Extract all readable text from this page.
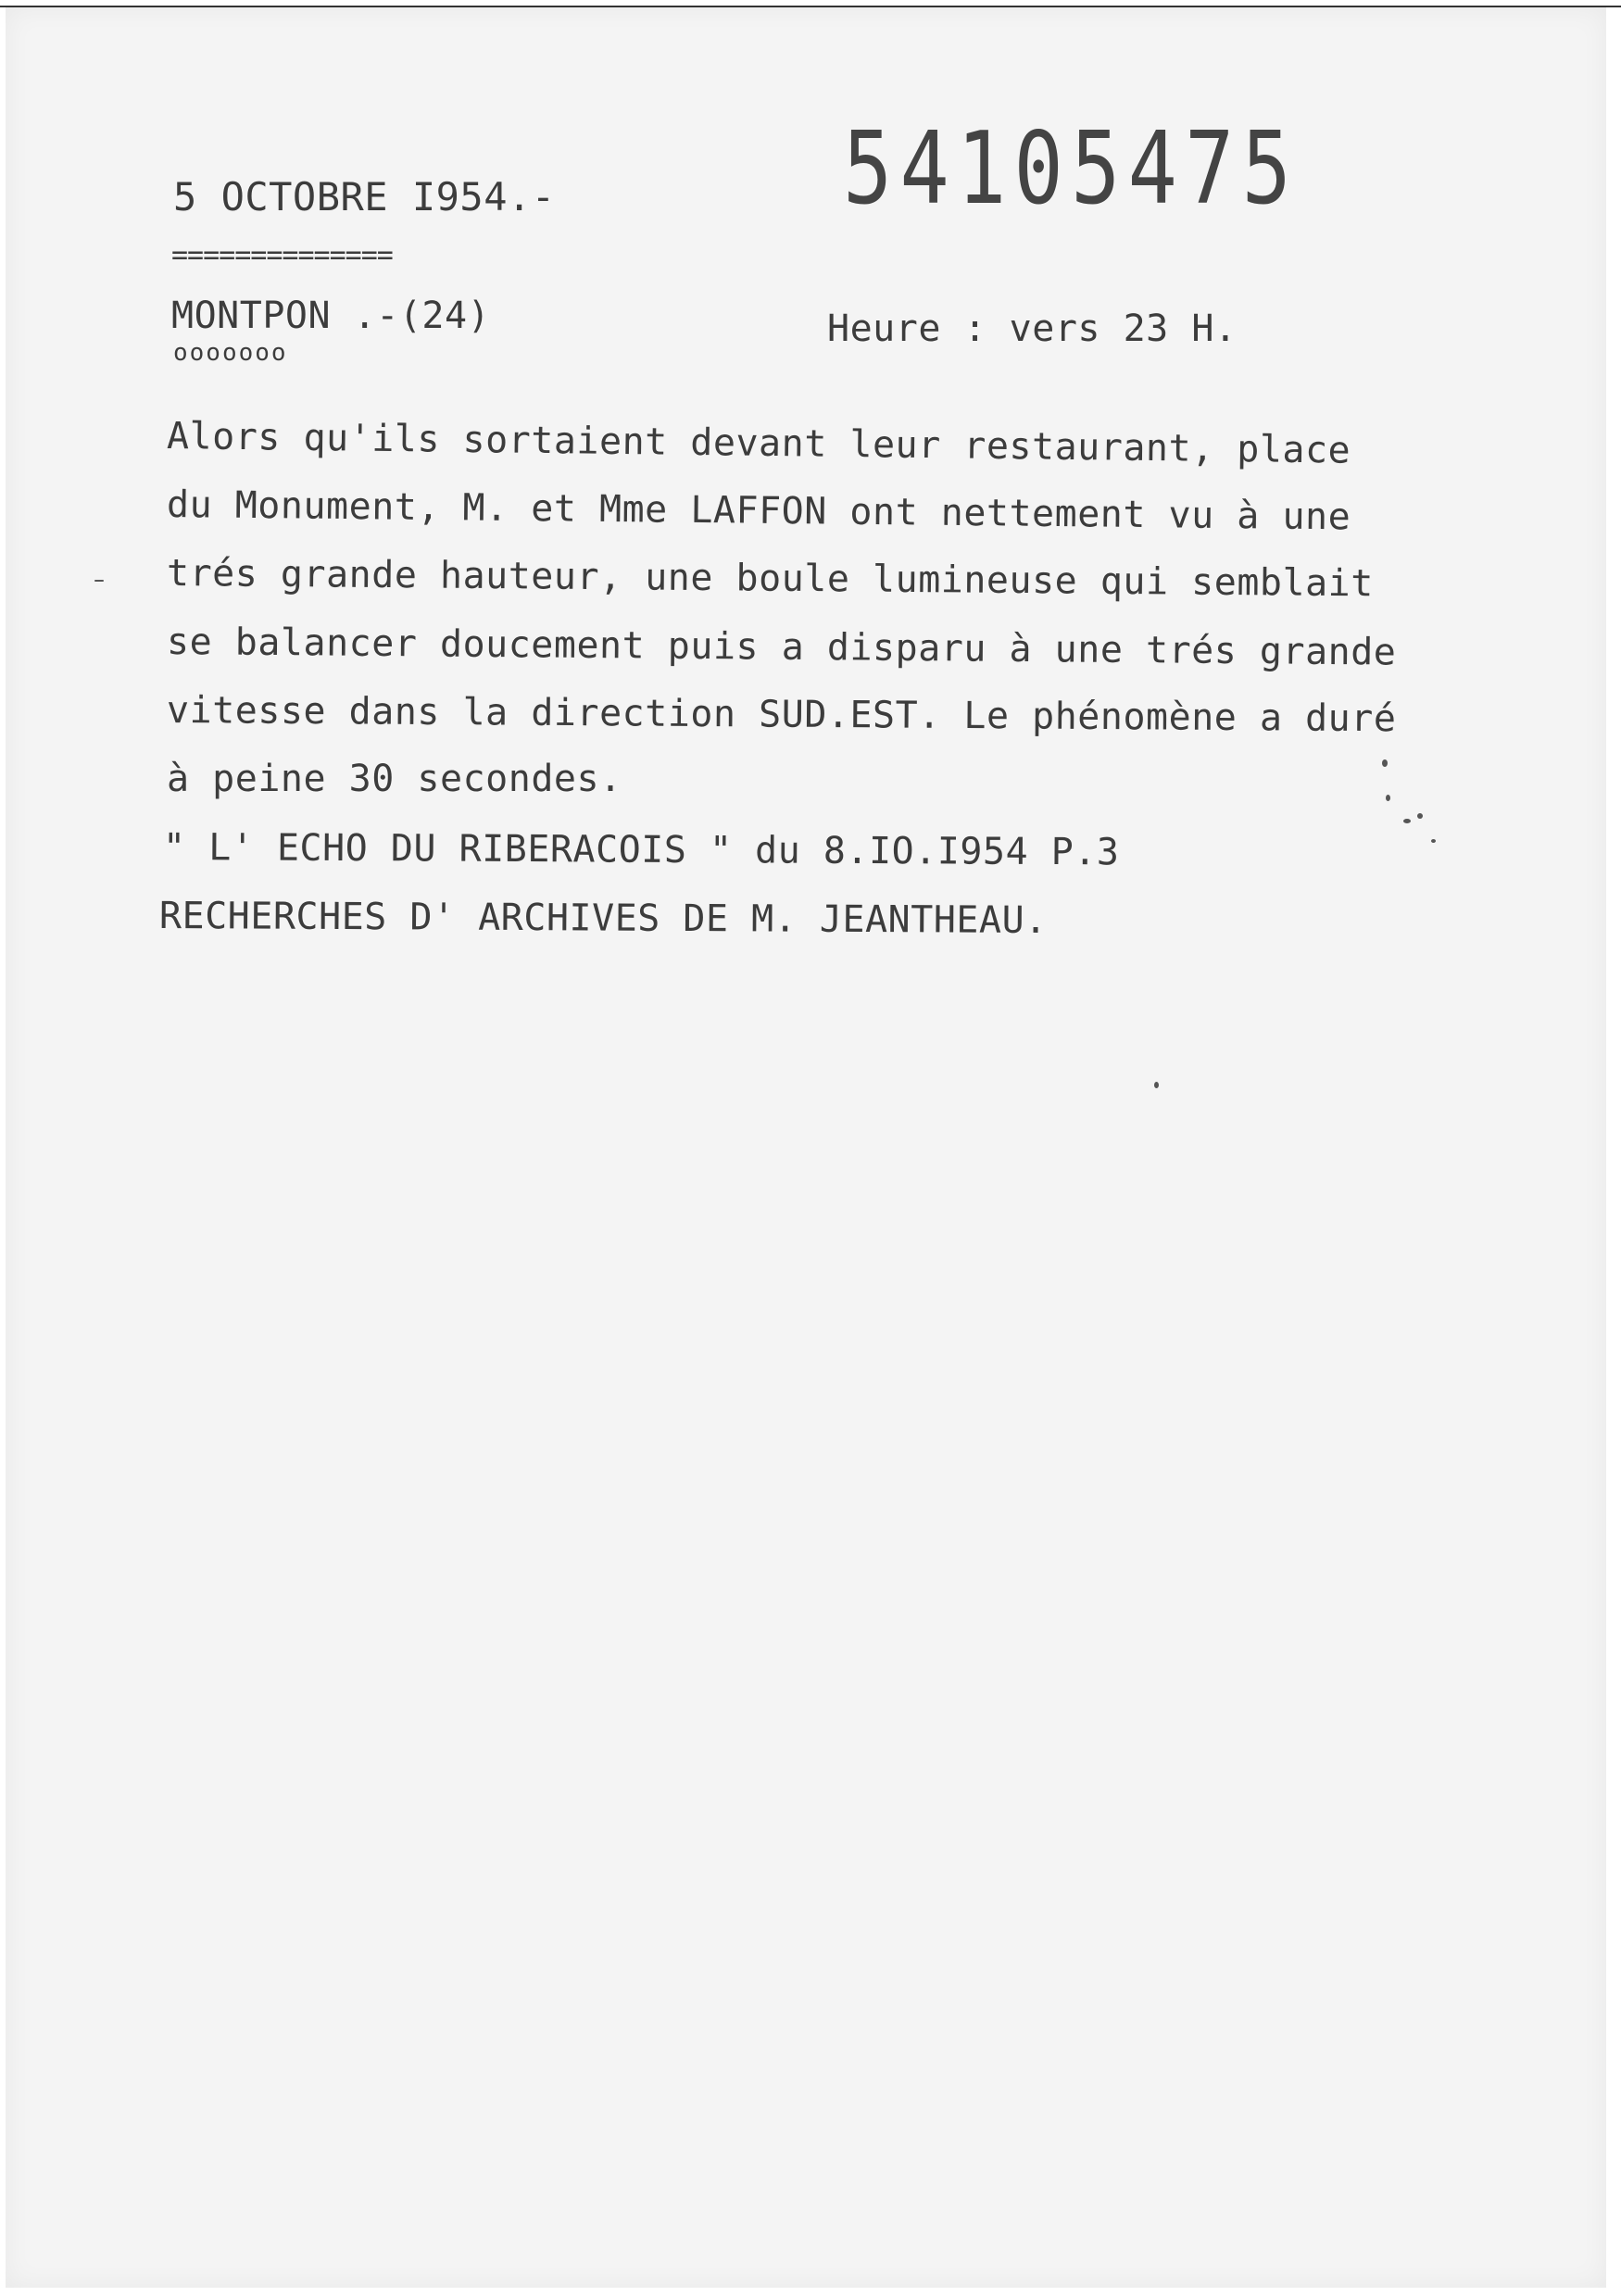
54105475
5 OCTOBRE I954.-
==============
MONTPON .-(24)
ooooooo
Heure : vers 23 H.
Alors qu'ils sortaient devant leur restaurant, place
du Monument, M. et Mme LAFFON ont nettement vu à une
trés grande hauteur, une boule lumineuse qui semblait
se balancer doucement puis a disparu à une trés grande
vitesse dans la direction SUD.EST. Le phénomène a duré
à peine 30 secondes.
" L' ECHO DU RIBERACOIS " du 8.IO.I954 P.3
RECHERCHES D' ARCHIVES DE M. JEANTHEAU.
